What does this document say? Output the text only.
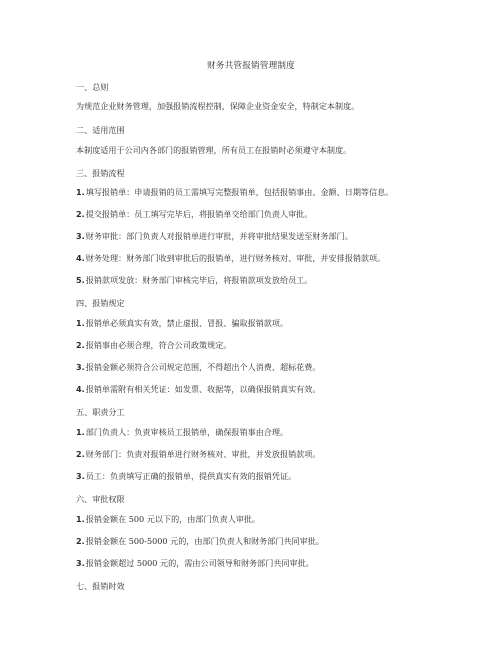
财务共管报销管理制度
一、总则
为规范企业财务管理，加强报销流程控制，保障企业资金安全，特制定本制度。
二、适用范围
本制度适用于公司内各部门的报销管理，所有员工在报销时必须遵守本制度。
三、报销流程
1.填写报销单：申请报销的员工需填写完整报销单，包括报销事由、金额、日期等信息。
2.提交报销单：员工填写完毕后，将报销单交给部门负责人审批。
3.财务审批：部门负责人对报销单进行审批，并将审批结果发送至财务部门。
4.财务处理：财务部门收到审批后的报销单，进行财务核对、审批，并安排报销款项。
5.报销款项发放：财务部门审核完毕后，将报销款项发放给员工。
四、报销规定
1.报销单必须真实有效，禁止虚报、冒报、骗取报销款项。
2.报销事由必须合理，符合公司政策规定。
3.报销金额必须符合公司规定范围，不得超出个人消费、超标花费。
4.报销单需附有相关凭证：如发票、收据等，以确保报销真实有效。
五、职责分工
1.部门负责人：负责审核员工报销单，确保报销事由合理。
2.财务部门：负责对报销单进行财务核对、审批，并发放报销款项。
3.员工：负责填写正确的报销单，提供真实有效的报销凭证。
六、审批权限
1.报销金额在 500 元以下的，由部门负责人审批。
2.报销金额在 500-5000 元的，由部门负责人和财务部门共同审批。
3.报销金额超过 5000 元的，需由公司领导和财务部门共同审批。
七、报销时效
